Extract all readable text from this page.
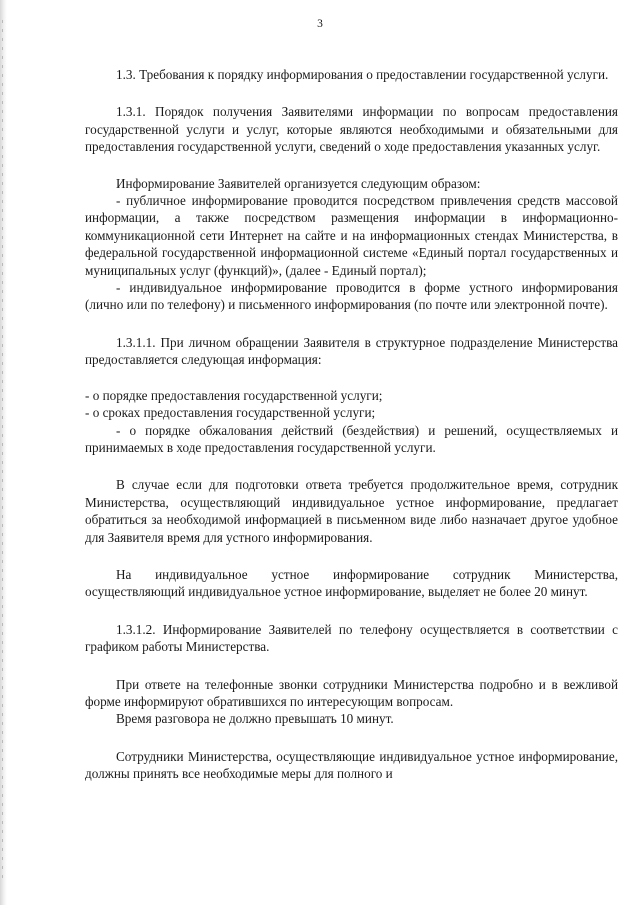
3

1.3. Требования к порядку информирования о предоставлении государственной услуги.

1.3.1. Порядок получения Заявителями информации по вопросам предоставления государственной услуги и услуг, которые являются необходимыми и обязательными для предоставления государственной услуги, сведений о ходе предоставления указанных услуг.

Информирование Заявителей организуется следующим образом:

- публичное информирование проводится посредством привлечения средств массовой информации, а также посредством размещения информации в информационно-коммуникационной сети Интернет на сайте и на информационных стендах Министерства, в федеральной государственной информационной системе «Единый портал государственных и муниципальных услуг (функций)», (далее - Единый портал);

- индивидуальное информирование проводится в форме устного информирования (лично или по телефону) и письменного информирования (по почте или электронной почте).

1.3.1.1. При личном обращении Заявителя в структурное подразделение Министерства предоставляется следующая информация:

- о порядке предоставления государственной услуги;

- о сроках предоставления государственной услуги;

- о порядке обжалования действий (бездействия) и решений, осуществляемых и принимаемых в ходе предоставления государственной услуги.

В случае если для подготовки ответа требуется продолжительное время, сотрудник Министерства, осуществляющий индивидуальное устное информирование, предлагает обратиться за необходимой информацией в письменном виде либо назначает другое удобное для Заявителя время для устного информирования.

На индивидуальное устное информирование сотрудник Министерства, осуществляющий индивидуальное устное информирование, выделяет не более 20 минут.

1.3.1.2. Информирование Заявителей по телефону осуществляется в соответствии с графиком работы Министерства.

При ответе на телефонные звонки сотрудники Министерства подробно и в вежливой форме информируют обратившихся по интересующим вопросам.

Время разговора не должно превышать 10 минут.

Сотрудники Министерства, осуществляющие индивидуальное устное информирование, должны принять все необходимые меры для полного и
